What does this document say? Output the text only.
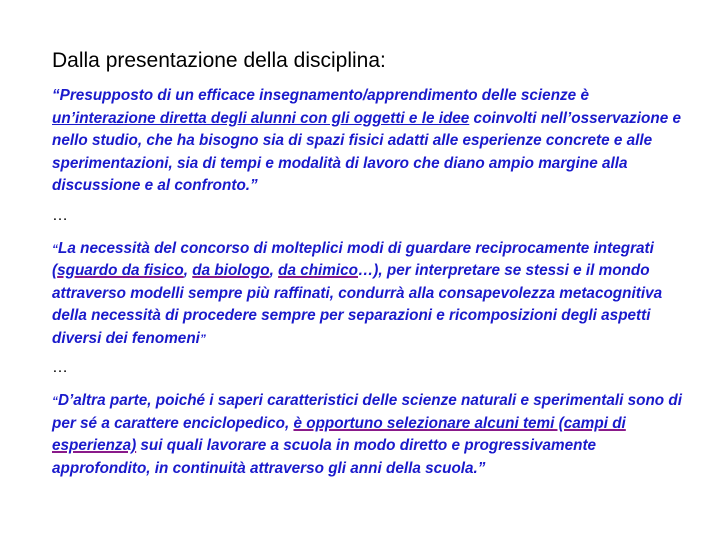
Dalla presentazione della disciplina:

“Presupposto di un efficace insegnamento/apprendimento delle scienze è un’interazione diretta degli alunni con gli oggetti e le idee coinvolti nell’osservazione e nello studio, che ha bisogno sia di spazi fisici adatti alle esperienze concrete e alle sperimentazioni, sia di tempi e modalità di lavoro che diano ampio margine alla discussione e al confronto.”

…

“La necessità del concorso di molteplici modi di guardare reciprocamente integrati (sguardo da fisico, da biologo, da chimico…), per interpretare se stessi e il mondo attraverso modelli sempre più raffinati, condurrà alla consapevolezza metacognitiva della necessità di procedere sempre per separazioni e ricomposizioni degli aspetti diversi dei fenomeni”

…

“D’altra parte, poiché i saperi caratteristici delle scienze naturali e sperimentali sono di per sé a carattere enciclopedico, è opportuno selezionare alcuni temi (campi di esperienza) sui quali lavorare a scuola in modo diretto e progressivamente approfondito, in continuità attraverso gli anni della scuola.”
